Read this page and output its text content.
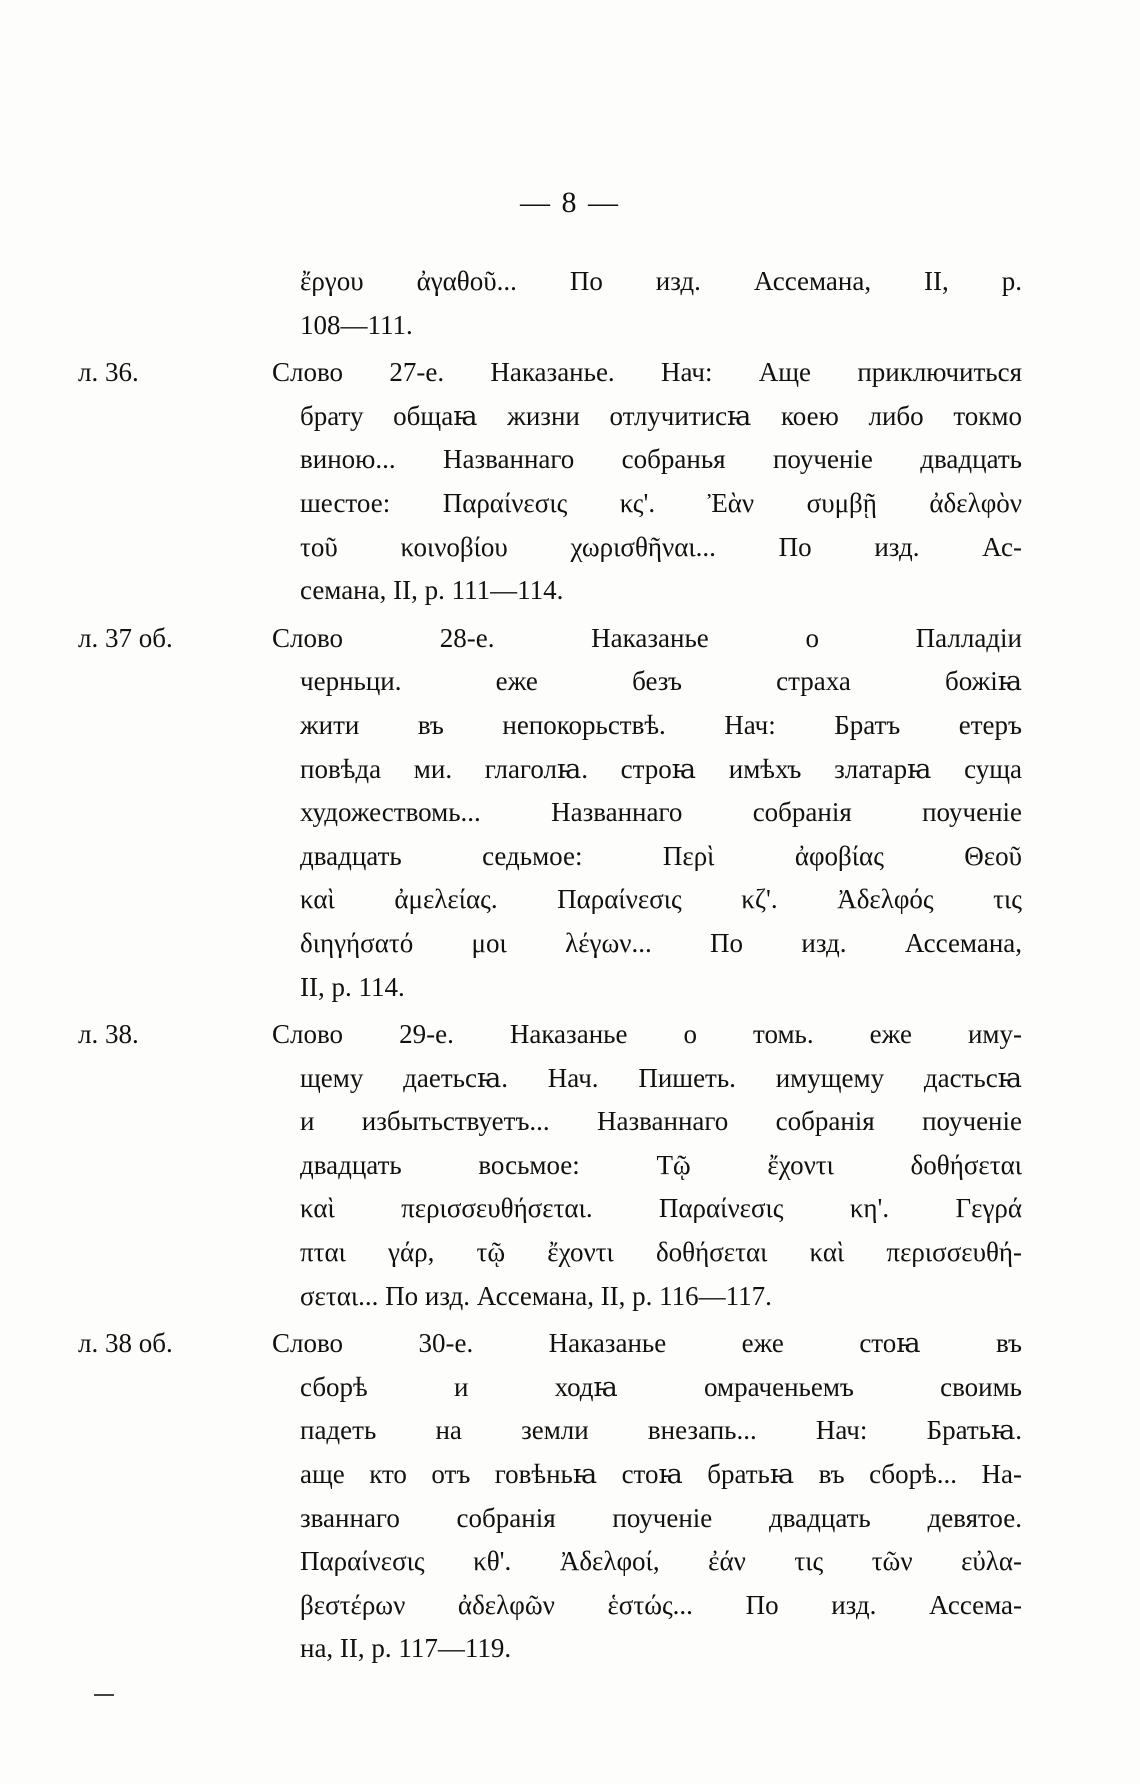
— 8 —
ἔργου ἀγαθοῦ... По изд. Ассемана, II, р.
108—111.
л. 36.	Слово 27-е. Наказанье. Нач: Аще приключиться
брату общаꙗ жизни отлучитисꙗ коею либо токмо
виною... Названнаго собранья поученіе двадцать
шестое: Παραίνεσις κς'. Ἐὰν συμβῇ ἀδελφὸν
τοῦ κοινοβίου χωρισθῆναι... По изд. Ас-
семана, II, р. 111—114.
л. 37 об.	Слово 28-е. Наказанье о Палладіи
черньци. еже безъ страха божіꙗ
жити въ непокорьствѣ. Нач: Братъ етеръ
повѣда ми. глаголꙗ. строꙗ имѣхъ златарꙗ суща
художествомь... Названнаго собранія поученіе
двадцать седьмое: Περὶ ἀφοβίας Θεοῦ
καὶ ἀμελείας. Παραίνεσις κζ'. Ἀδελφός τις
διηγήσατό μοι λέγων... По изд. Ассемана,
II, р. 114.
л. 38.	Слово 29-е. Наказанье о томь. еже иму-
щему даетьсꙗ. Нач. Пишеть. имущему дастьсꙗ
и избытьствуетъ... Названнаго собранія поученіе
двадцать восьмое: Τῷ ἔχοντι δοθήσεται
καὶ περισσευθήσεται. Παραίνεσις κη'. Γεγρά
πται γάρ, τῷ ἔχοντι δοθήσεται καὶ περισσευθή-
σεται... По изд. Ассемана, II, р. 116—117.
л. 38 об.	Слово 30-е. Наказанье еже стоꙗ въ
сборѣ и ходꙗ омраченьемъ своимь
падеть на земли внезапь... Нач: Братьꙗ.
аще кто отъ говѣньꙗ стоꙗ братьꙗ въ сборѣ... На-
званнаго собранія поученіе двадцать девятое.
Παραίνεσις κθ'. Ἀδελφοί, ἐάν τις τῶν εὐλα-
βεστέρων ἀδελφῶν ἑστώς... По изд. Ассема-
на, II, р. 117—119.
